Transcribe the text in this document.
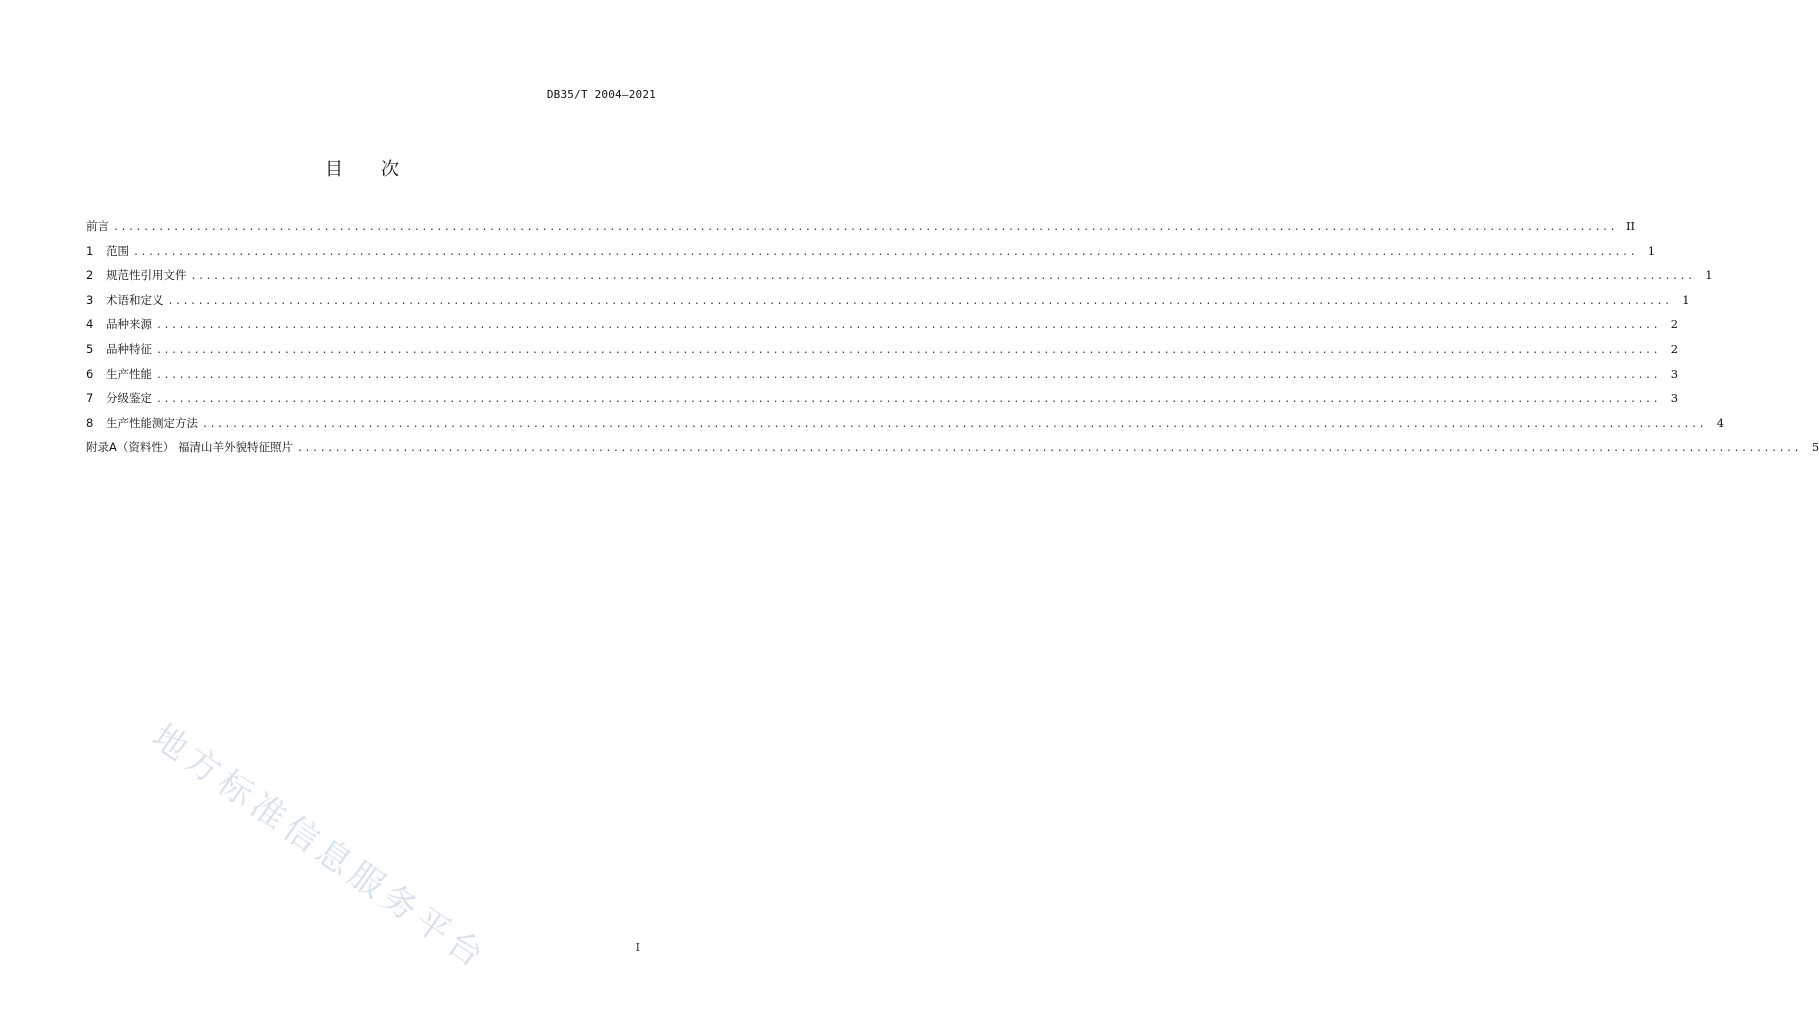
DB35/T 2004—2021
目次
前言 ........................................................................................................................................................................................................ II
1	范围 ........................................................................................................................................................................................................ 1
2	规范性引用文件 ........................................................................................................................................................................................................ 1
3	术语和定义 ........................................................................................................................................................................................................ 1
4	品种来源 ........................................................................................................................................................................................................ 2
5	品种特征 ........................................................................................................................................................................................................ 2
6	生产性能 ........................................................................................................................................................................................................ 3
7	分级鉴定 ........................................................................................................................................................................................................ 3
8	生产性能测定方法 ........................................................................................................................................................................................................ 4
附录A（资料性） 福清山羊外貌特征照片 ........................................................................................................................................................................................................ 5
地方标准信息服务平台	I
